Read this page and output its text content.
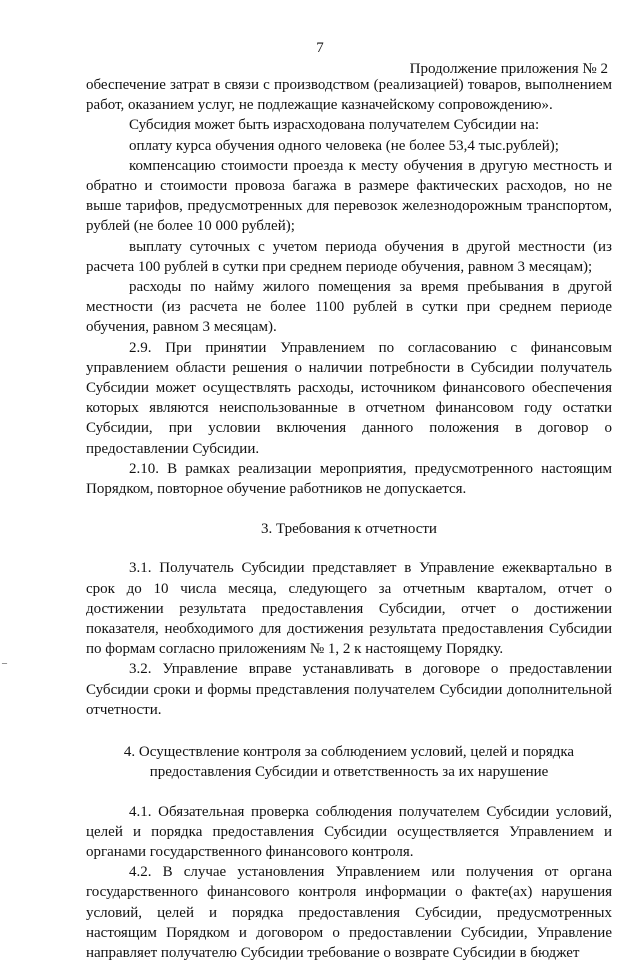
7
Продолжение приложения № 2

обеспечение затрат в связи с производством (реализацией) товаров, выполнением работ, оказанием услуг, не подлежащие казначейскому сопровождению».

Субсидия может быть израсходована получателем Субсидии на:

оплату курса обучения одного человека (не более 53,4 тыс.рублей);

компенсацию стоимости проезда к месту обучения в другую местность и обратно и стоимости провоза багажа в размере фактических расходов, но не выше тарифов, предусмотренных для перевозок железнодорожным транспортом, рублей (не более 10 000 рублей);

выплату суточных с учетом периода обучения в другой местности (из расчета 100 рублей в сутки при среднем периоде обучения, равном 3 месяцам);

расходы по найму жилого помещения за время пребывания в другой местности (из расчета не более 1100 рублей в сутки при среднем периоде обучения, равном 3 месяцам).

2.9. При принятии Управлением по согласованию с финансовым управлением области решения о наличии потребности в Субсидии получатель Субсидии может осуществлять расходы, источником финансового обеспечения которых являются неиспользованные в отчетном финансовом году остатки Субсидии, при условии включения данного положения в договор о предоставлении Субсидии.

2.10. В рамках реализации мероприятия, предусмотренного настоящим Порядком, повторное обучение работников не допускается.

3. Требования к отчетности

3.1. Получатель Субсидии представляет в Управление ежеквартально в срок до 10 числа месяца, следующего за отчетным кварталом, отчет о достижении результата предоставления Субсидии, отчет о достижении показателя, необходимого для достижения результата предоставления Субсидии по формам согласно приложениям № 1, 2 к настоящему Порядку.

3.2. Управление вправе устанавливать в договоре о предоставлении Субсидии сроки и формы представления получателем Субсидии дополнительной отчетности.

4. Осуществление контроля за соблюдением условий, целей и порядка
предоставления Субсидии и ответственность за их нарушение

4.1. Обязательная проверка соблюдения получателем Субсидии условий, целей и порядка предоставления Субсидии осуществляется Управлением и органами государственного финансового контроля.

4.2. В случае установления Управлением или получения от органа государственного финансового контроля информации о факте(ах) нарушения условий, целей и порядка предоставления Субсидии, предусмотренных настоящим Порядком и договором о предоставлении Субсидии, Управление направляет получателю Субсидии требование о возврате Субсидии в бюджет

–
